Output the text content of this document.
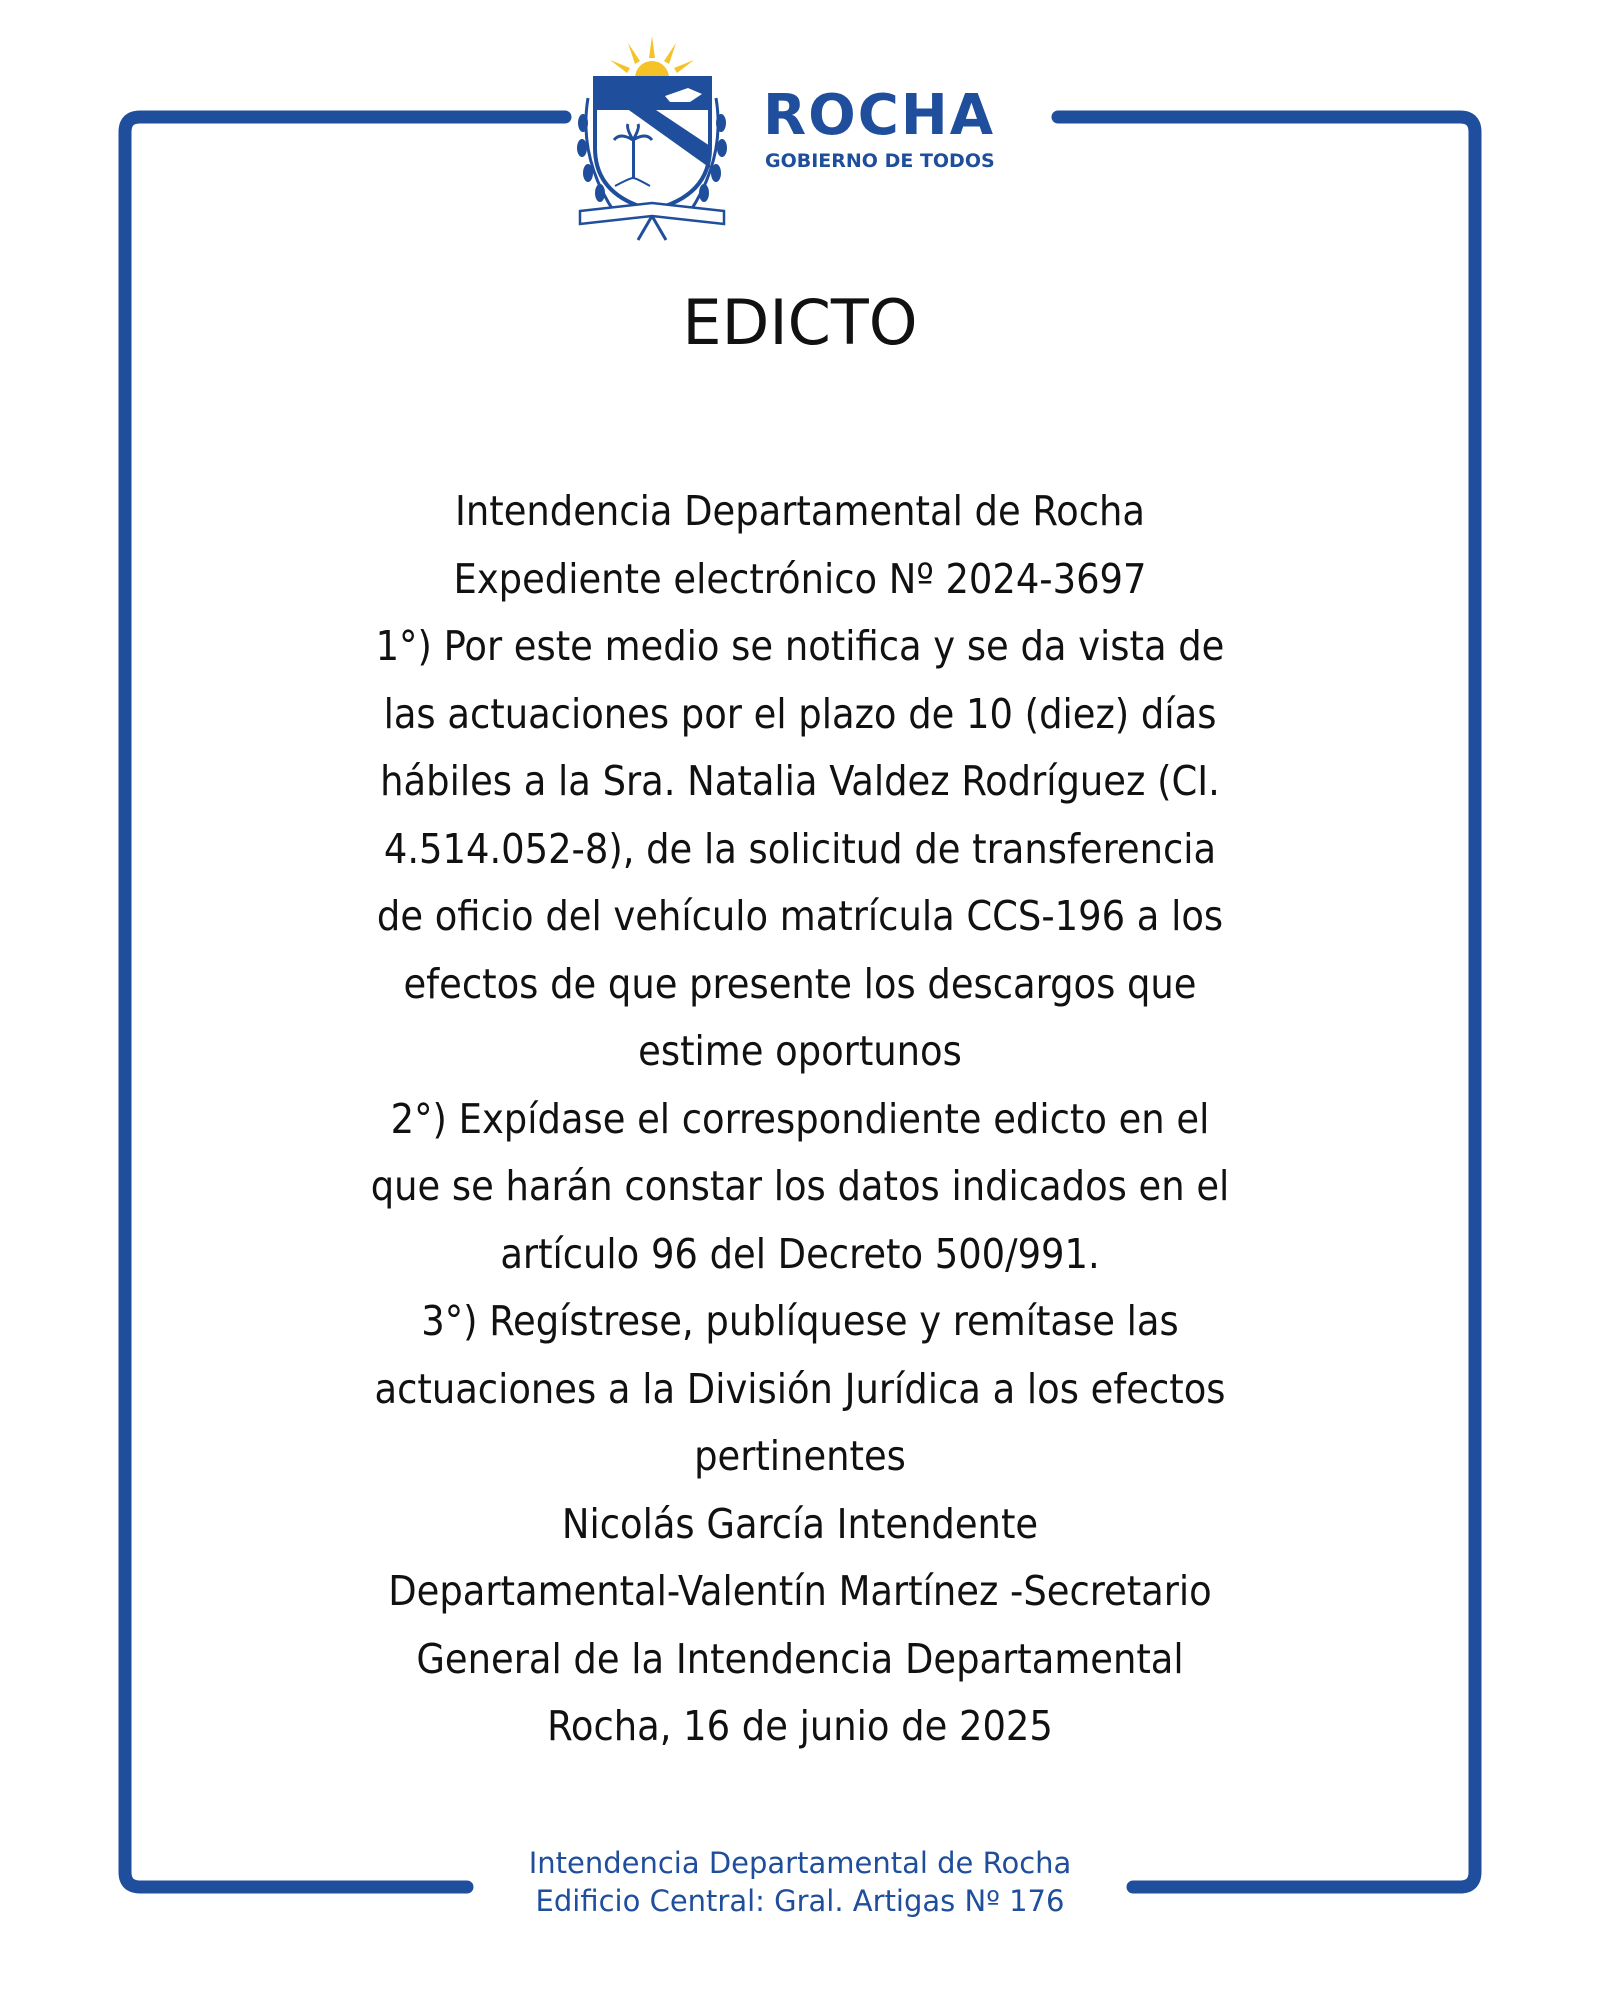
ROCHA
GOBIERNO DE TODOS
EDICTO
Intendencia Departamental de Rocha
Expediente electrónico Nº 2024-3697
1°) Por este medio se notifica y se da vista de
las actuaciones por el plazo de 10 (diez) días
hábiles a la Sra. Natalia Valdez Rodríguez (CI.
4.514.052-8), de la solicitud de transferencia
de oficio del vehículo matrícula CCS-196 a los
efectos de que presente los descargos que
estime oportunos
2°) Expídase el correspondiente edicto en el
que se harán constar los datos indicados en el
artículo 96 del Decreto 500/991.
3°) Regístrese, publíquese y remítase las
actuaciones a la División Jurídica a los efectos
pertinentes
Nicolás García Intendente
Departamental-Valentín Martínez -Secretario
General de la Intendencia Departamental
Rocha, 16 de junio de 2025
Intendencia Departamental de Rocha
Edificio Central: Gral. Artigas Nº 176
